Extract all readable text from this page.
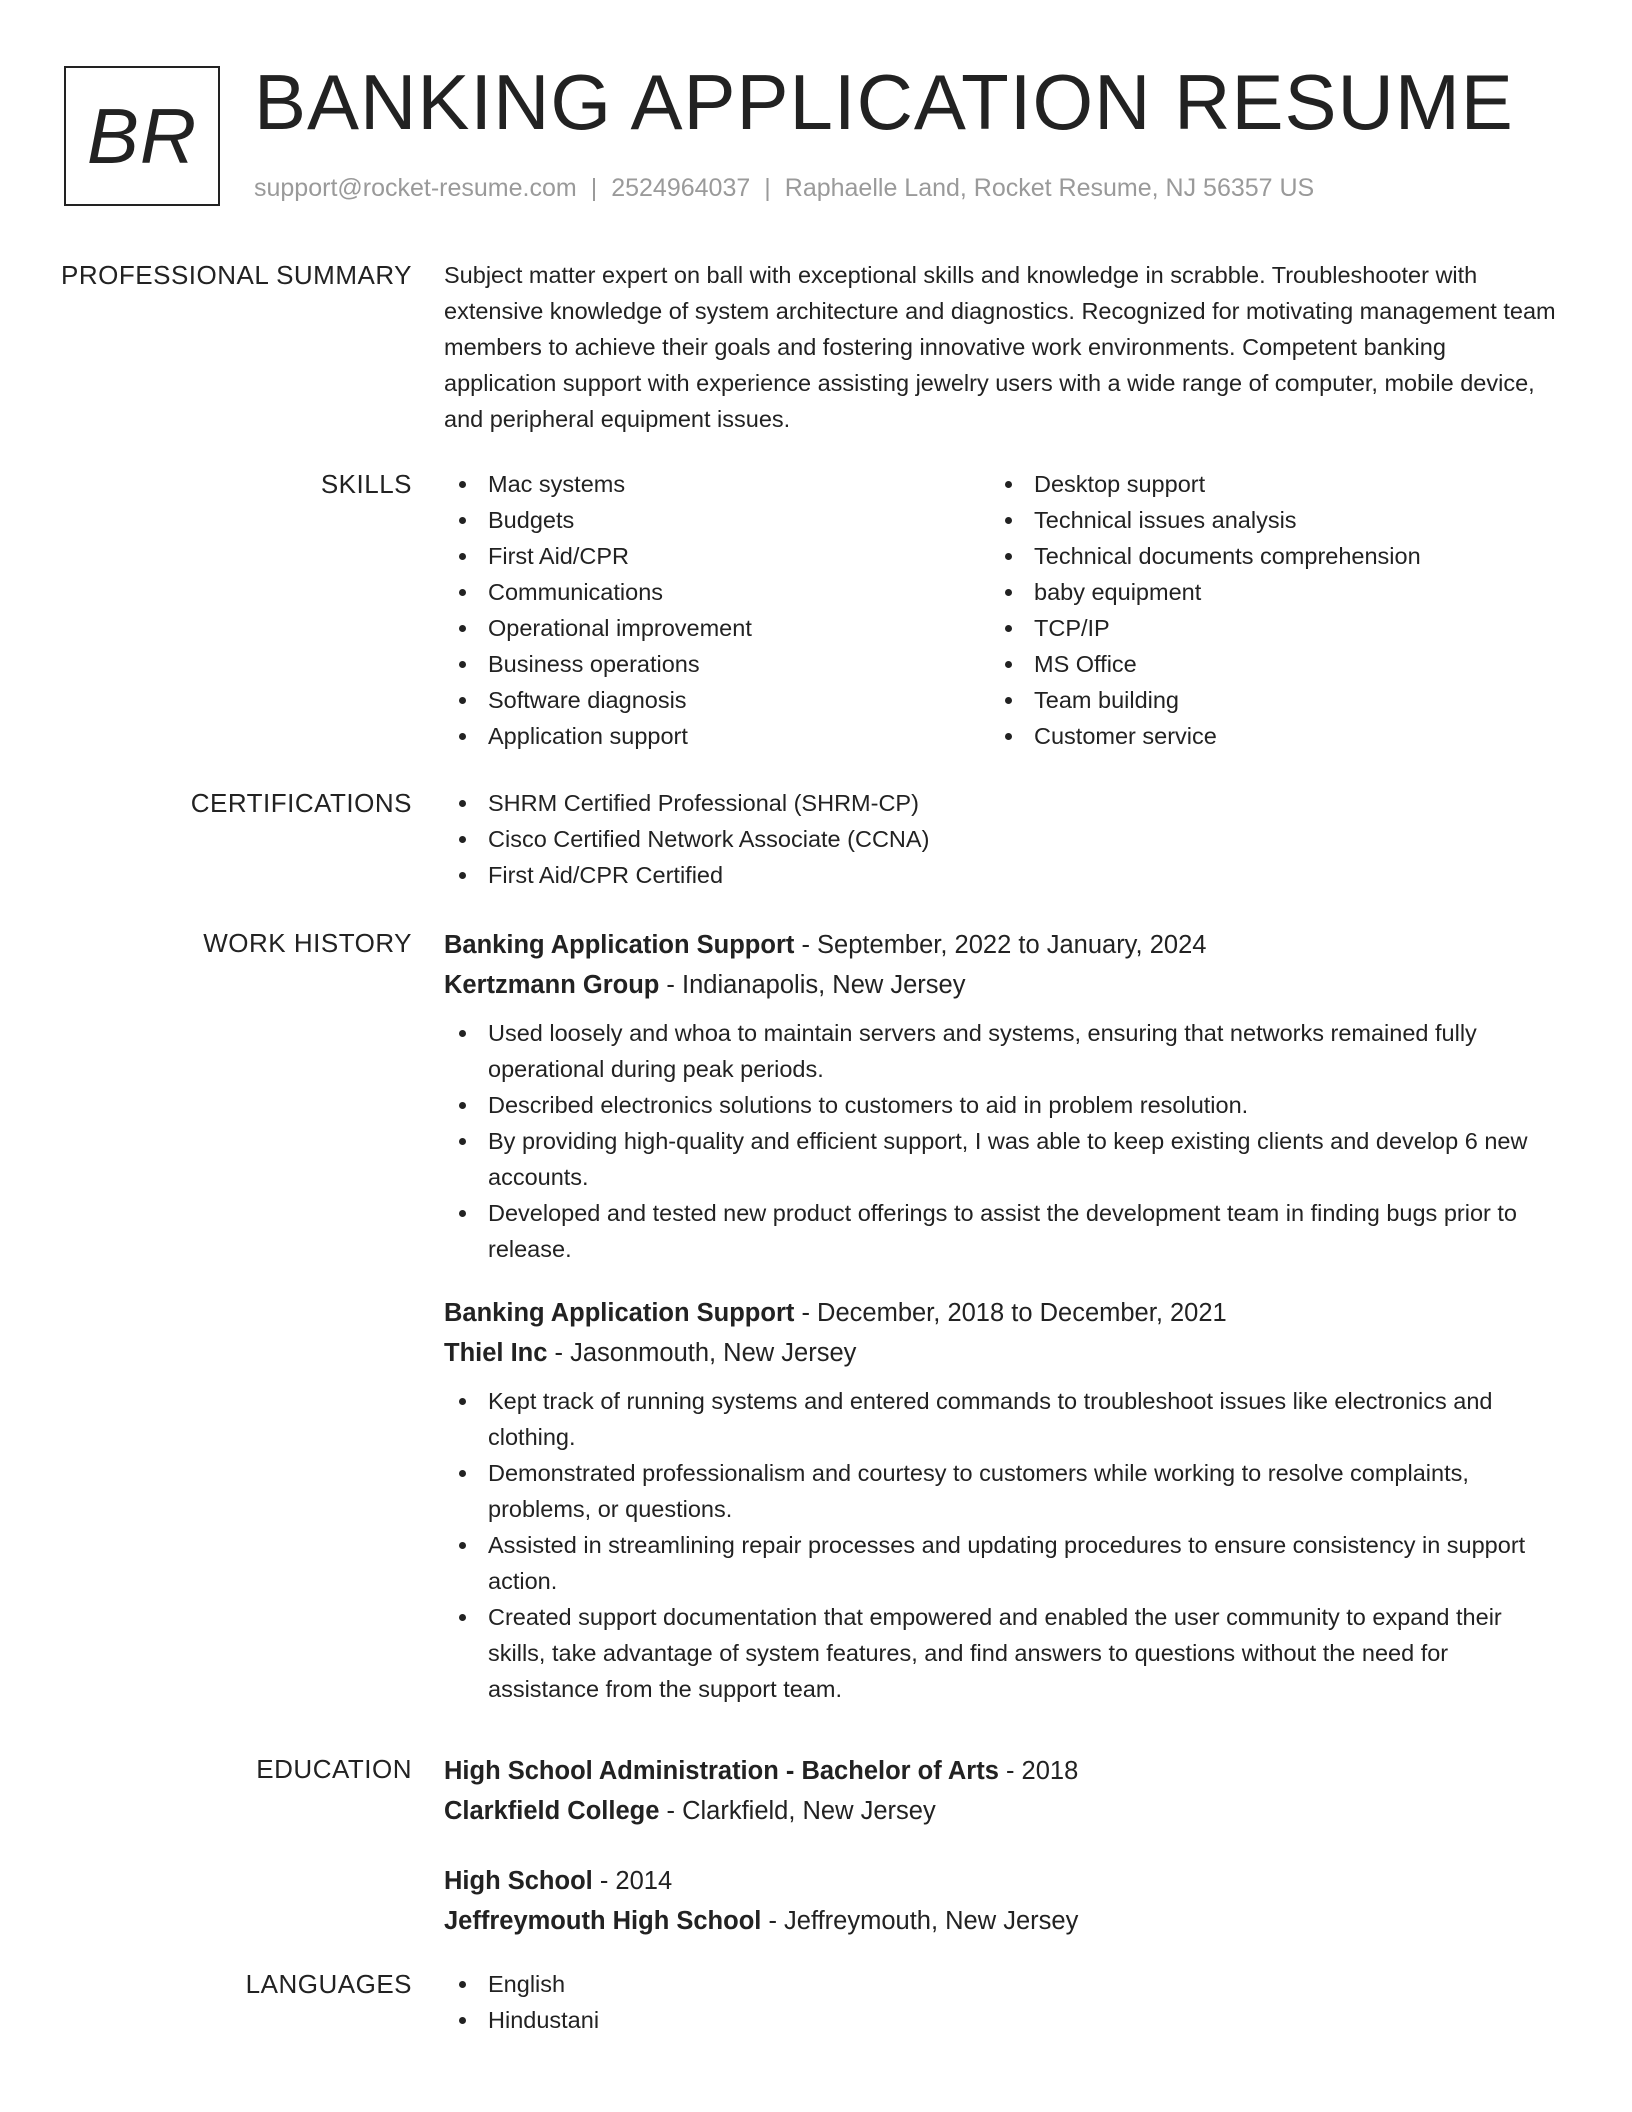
BR BANKING APPLICATION RESUME
support@rocket-resume.com | 2524964037 | Raphaelle Land, Rocket Resume, NJ 56357 US
PROFESSIONAL SUMMARY Subject matter expert on ball with exceptional skills and knowledge in scrabble. Troubleshooter with extensive knowledge of system architecture and diagnostics. Recognized for motivating management team members to achieve their goals and fostering innovative work environments. Competent banking application support with experience assisting jewelry users with a wide range of computer, mobile device, and peripheral equipment issues.

SKILLS	Mac systems
Budgets
First Aid/CPR
Communications
Operational improvement
Business operations
Software diagnosis
Application support
Desktop support
Technical issues analysis
Technical documents comprehension
baby equipment
TCP/IP
MS Office
Team building
Customer service
CERTIFICATIONS	SHRM Certified Professional (SHRM-CP)
Cisco Certified Network Associate (CCNA)
First Aid/CPR Certified
WORK HISTORY Banking Application Support - September, 2022 to January, 2024
Kertzmann Group - Indianapolis, New Jersey
Used loosely and whoa to maintain servers and systems, ensuring that networks remained fully operational during peak periods.
Described electronics solutions to customers to aid in problem resolution.
By providing high-quality and efficient support, I was able to keep existing clients and develop 6 new accounts.
Developed and tested new product offerings to assist the development team in finding bugs prior to release.
Banking Application Support - December, 2018 to December, 2021
Thiel Inc - Jasonmouth, New Jersey
Kept track of running systems and entered commands to troubleshoot issues like electronics and clothing.
Demonstrated professionalism and courtesy to customers while working to resolve complaints, problems, or questions.
Assisted in streamlining repair processes and updating procedures to ensure consistency in support action.
Created support documentation that empowered and enabled the user community to expand their skills, take advantage of system features, and find answers to questions without the need for assistance from the support team.
EDUCATION High School Administration - Bachelor of Arts - 2018
Clarkfield College - Clarkfield, New Jersey
High School - 2014
Jeffreymouth High School - Jeffreymouth, New Jersey
LANGUAGES	English
Hindustani
